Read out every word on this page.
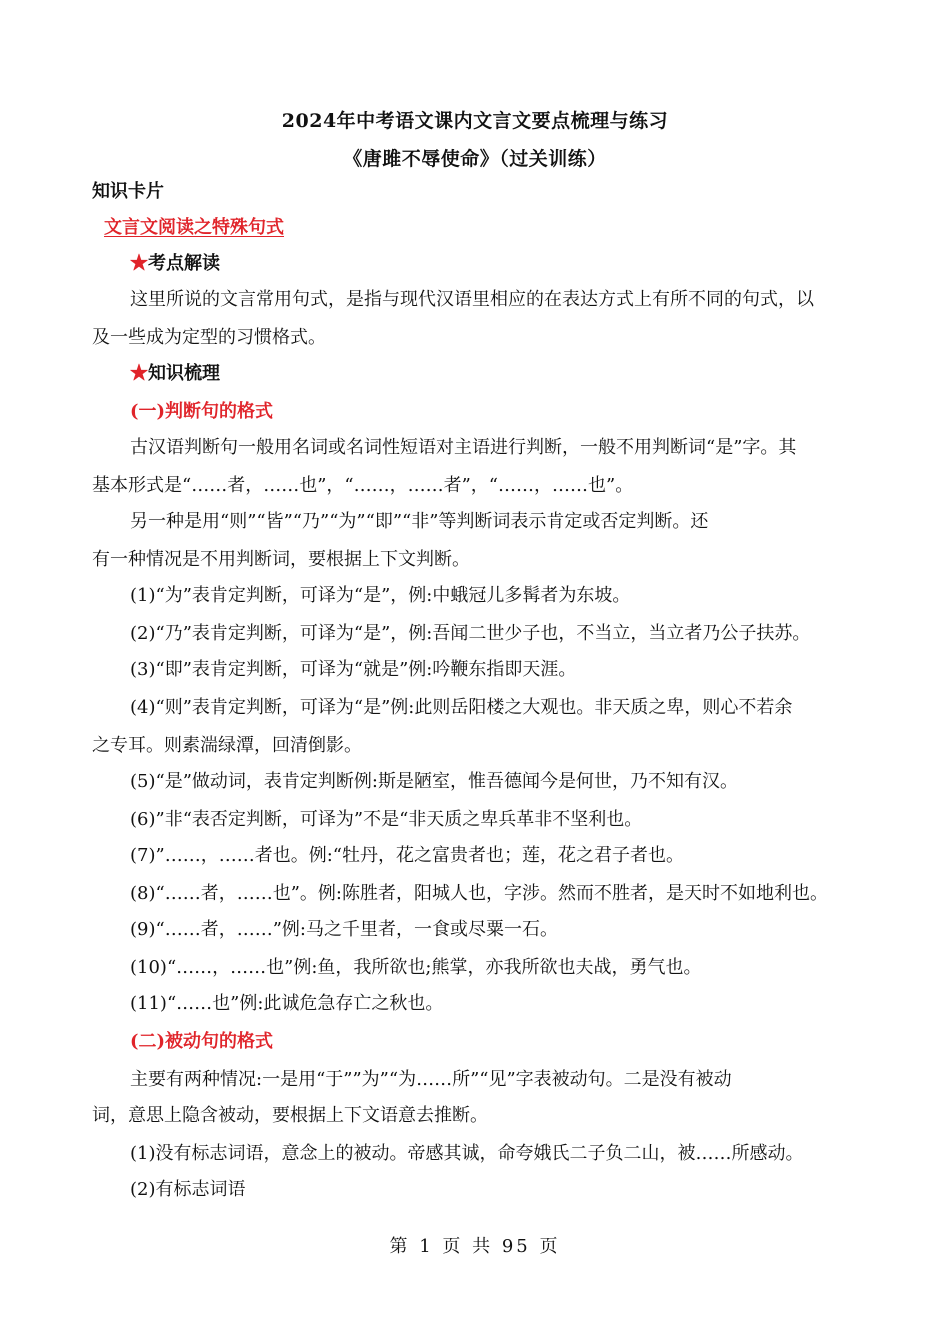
2024年中考语文课内文言文要点梳理与练习
《唐雎不辱使命》（过关训练）
知识卡片
文言文阅读之特殊句式
★考点解读
这里所说的文言常用句式，是指与现代汉语里相应的在表达方式上有所不同的句式，以
及一些成为定型的习惯格式。
★知识梳理
(一)判断句的格式
古汉语判断句一般用名词或名词性短语对主语进行判断，一般不用判断词“是”字。其
基本形式是“……者，……也”，“……，……者”，“……，……也”。
另一种是用“则”“皆”“乃”“为”“即”“非”等判断词表示肯定或否定判断。还
有一种情况是不用判断词，要根据上下文判断。
(1)“为”表肯定判断，可译为“是”，例:中蛾冠儿多髯者为东坡。
(2)“乃”表肯定判断，可译为“是”，例:吾闻二世少子也，不当立，当立者乃公子扶苏。
(3)“即”表肯定判断，可译为“就是”例:吟鞭东指即天涯。
(4)“则”表肯定判断，可译为“是”例:此则岳阳楼之大观也。非天质之卑，则心不若余
之专耳。则素湍绿潭，回清倒影。
(5)“是”做动词，表肯定判断例:斯是陋室，惟吾德闻今是何世，乃不知有汉。
(6)”非“表否定判断，可译为”不是“非天质之卑兵革非不坚利也。
(7)”……，……者也。例:“牡丹，花之富贵者也；莲，花之君子者也。
(8)“……者，……也”。例:陈胜者，阳城人也，字涉。然而不胜者，是天时不如地利也。
(9)“……者，……”例:马之千里者，一食或尽粟一石。
(10)“……，……也”例:鱼，我所欲也;熊掌，亦我所欲也夫战，勇气也。
(11)“……也”例:此诚危急存亡之秋也。
(二)被动句的格式
主要有两种情况:一是用“于””为”“为……所”“见”字表被动句。二是没有被动
词，意思上隐含被动，要根据上下文语意去推断。
(1)没有标志词语，意念上的被动。帝感其诚，命夸娥氏二子负二山，被……所感动。
(2)有标志词语
第 1 页 共 95 页
